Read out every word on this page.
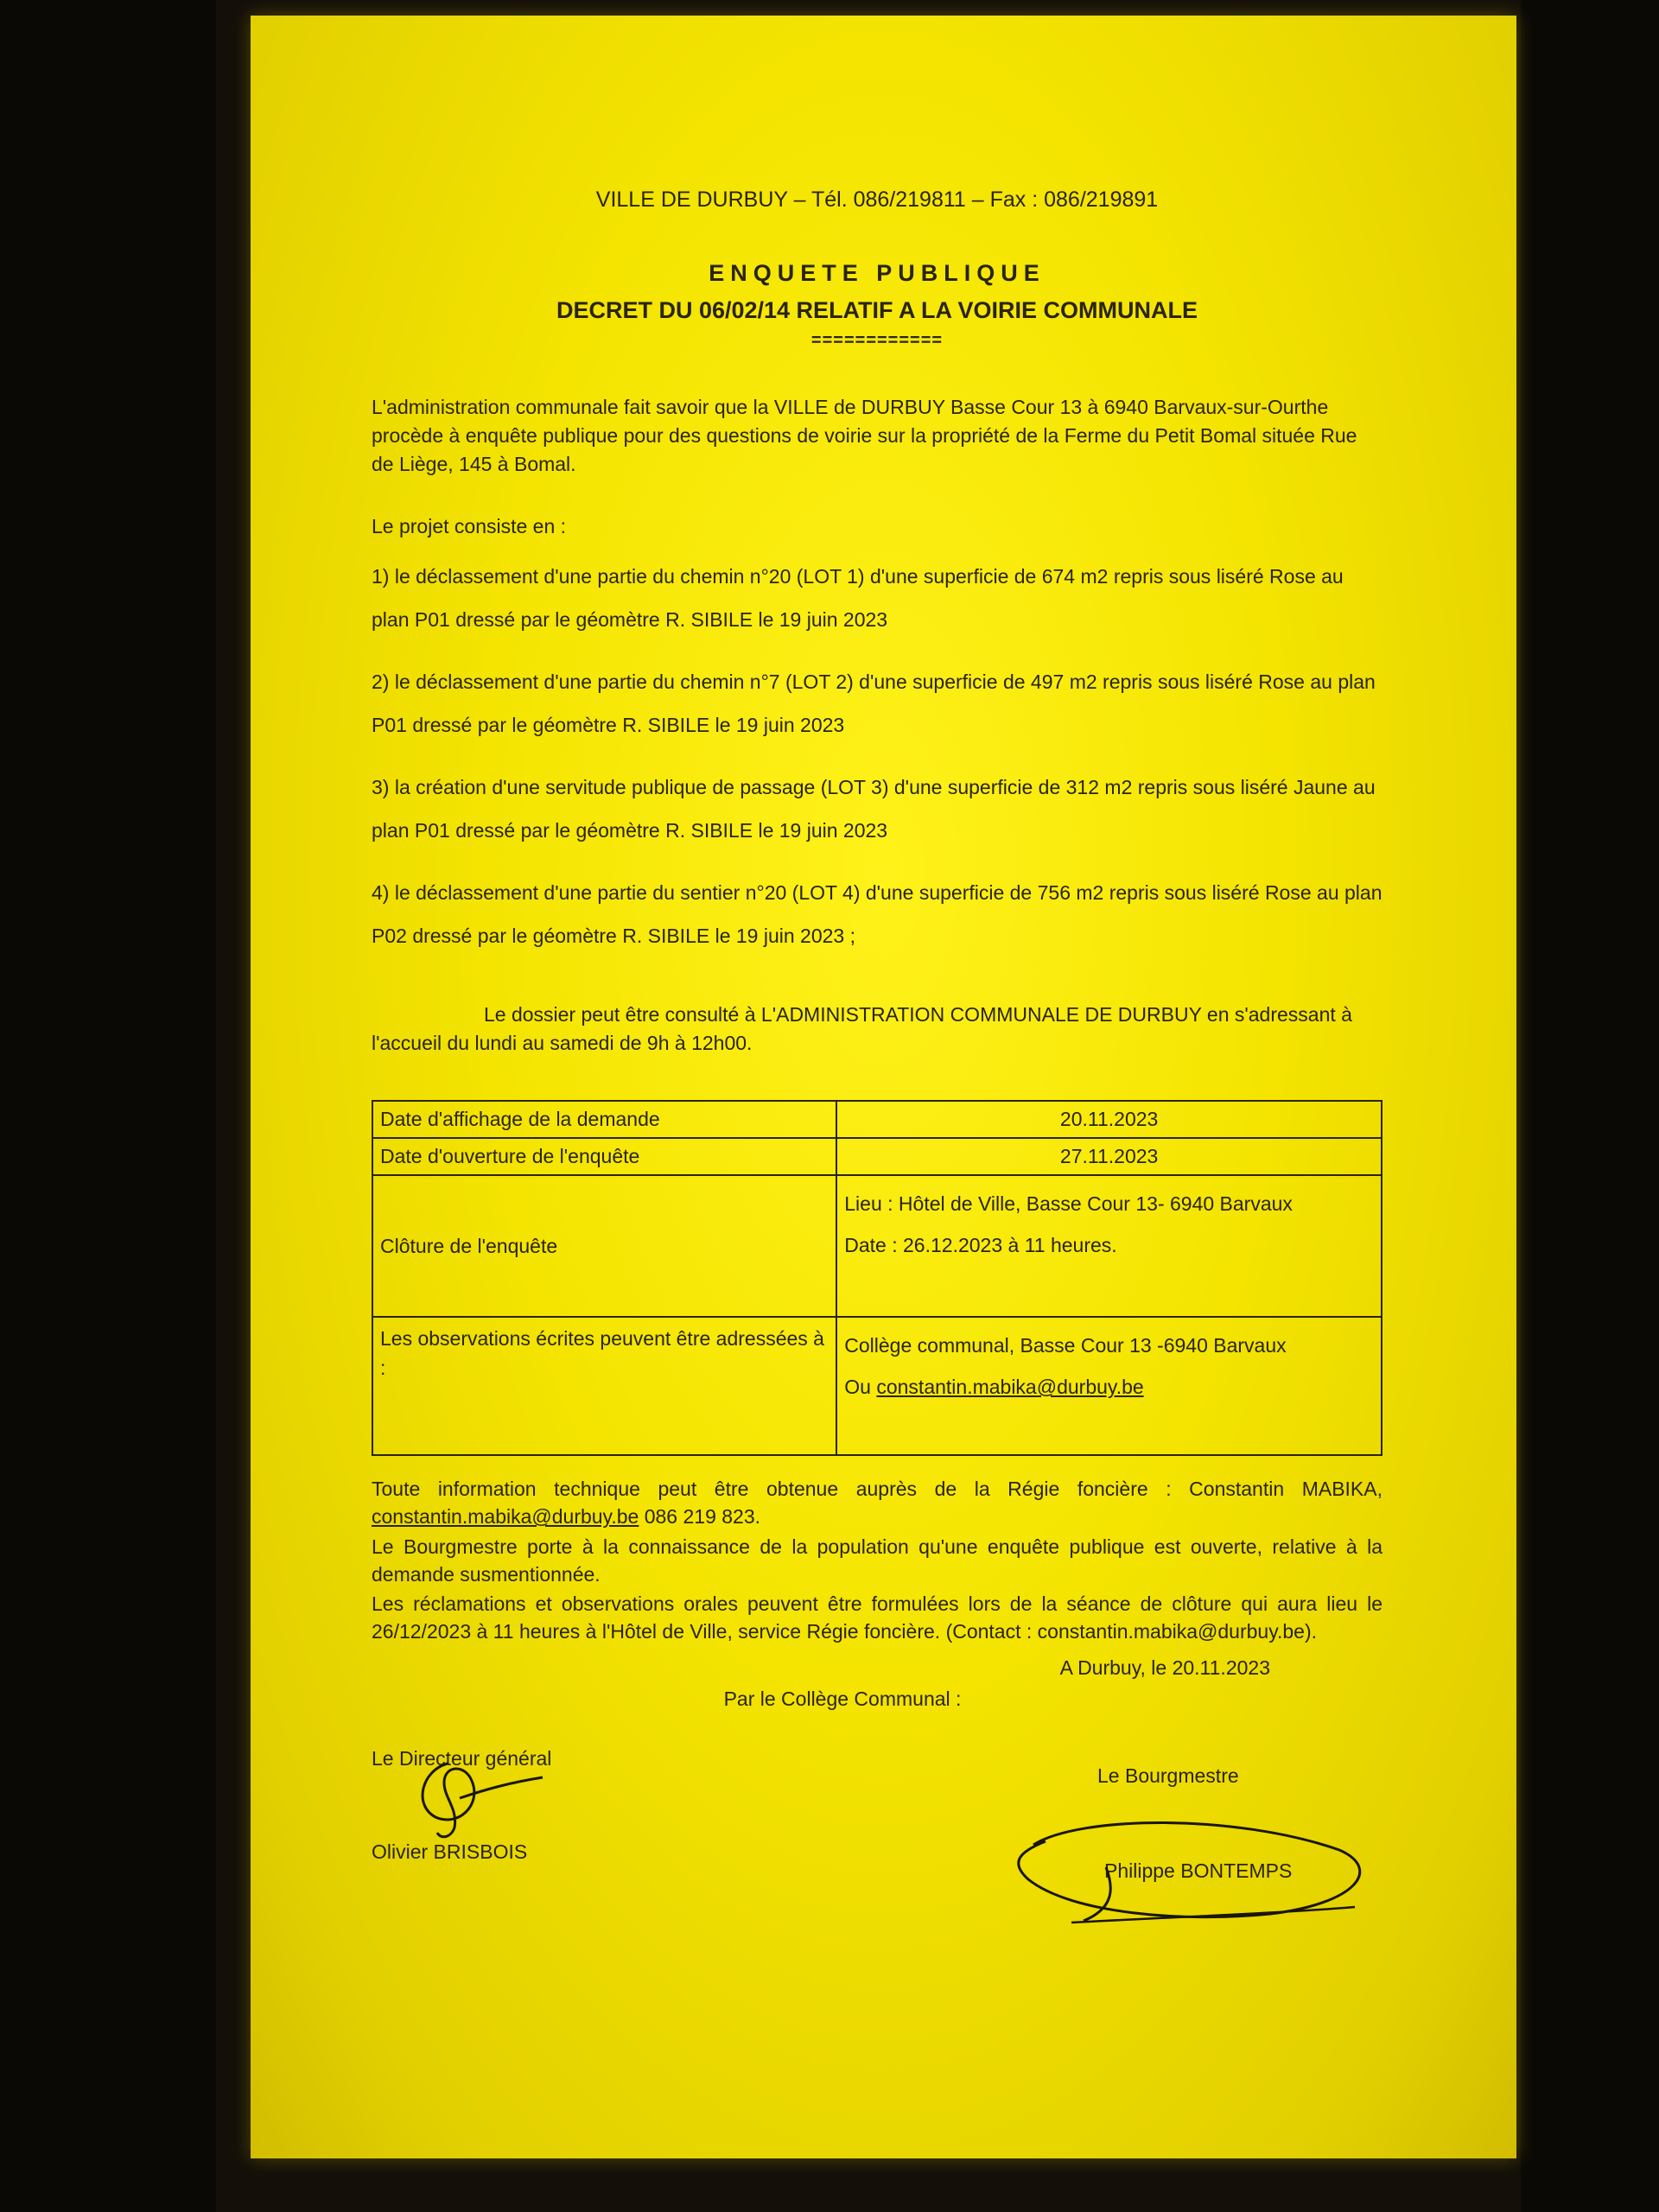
VILLE DE DURBUY – Tél. 086/219811 – Fax : 086/219891

ENQUETE PUBLIQUE

DECRET DU 06/02/14 RELATIF A LA VOIRIE COMMUNALE

============

L'administration communale fait savoir que la VILLE de DURBUY Basse Cour 13 à 6940 Barvaux-sur-Ourthe procède à enquête publique pour des questions de voirie sur la propriété de la Ferme du Petit Bomal située Rue de Liège, 145 à Bomal.

Le projet consiste en :

1) le déclassement d'une partie du chemin n°20 (LOT 1) d'une superficie de 674 m2 repris sous liséré Rose au plan P01 dressé par le géomètre R. SIBILE le 19 juin 2023

2) le déclassement d'une partie du chemin n°7 (LOT 2) d'une superficie de 497 m2 repris sous liséré Rose au plan P01 dressé par le géomètre R. SIBILE le 19 juin 2023

3) la création d'une servitude publique de passage (LOT 3) d'une superficie de 312 m2 repris sous liséré Jaune au plan P01 dressé par le géomètre R. SIBILE le 19 juin 2023

4) le déclassement d'une partie du sentier n°20 (LOT 4) d'une superficie de 756 m2 repris sous liséré Rose au plan P02 dressé par le géomètre R. SIBILE le 19 juin 2023 ;

Le dossier peut être consulté à L'ADMINISTRATION COMMUNALE DE DURBUY en s'adressant à l'accueil du lundi au samedi de 9h à 12h00.

Date d'affichage de la demande	20.11.2023
Date d'ouverture de l'enquête	27.11.2023
Clôture de l'enquête	Lieu : Hôtel de Ville, Basse Cour 13- 6940 Barvaux
Date : 26.12.2023 à 11 heures.

Les observations écrites peuvent être adressées à :	Collège communal, Basse Cour 13 -6940 Barvaux
Ou constantin.mabika@durbuy.be

Toute information technique peut être obtenue auprès de la Régie foncière : Constantin MABIKA, constantin.mabika@durbuy.be 086 219 823.

Le Bourgmestre porte à la connaissance de la population qu'une enquête publique est ouverte, relative à la demande susmentionnée.

Les réclamations et observations orales peuvent être formulées lors de la séance de clôture qui aura lieu le 26/12/2023 à 11 heures à l'Hôtel de Ville, service Régie foncière. (Contact : constantin.mabika@durbuy.be).

A Durbuy, le 20.11.2023

Par le Collège Communal :

Le Directeur général
Olivier BRISBOIS
Le Bourgmestre
Philippe BONTEMPS
